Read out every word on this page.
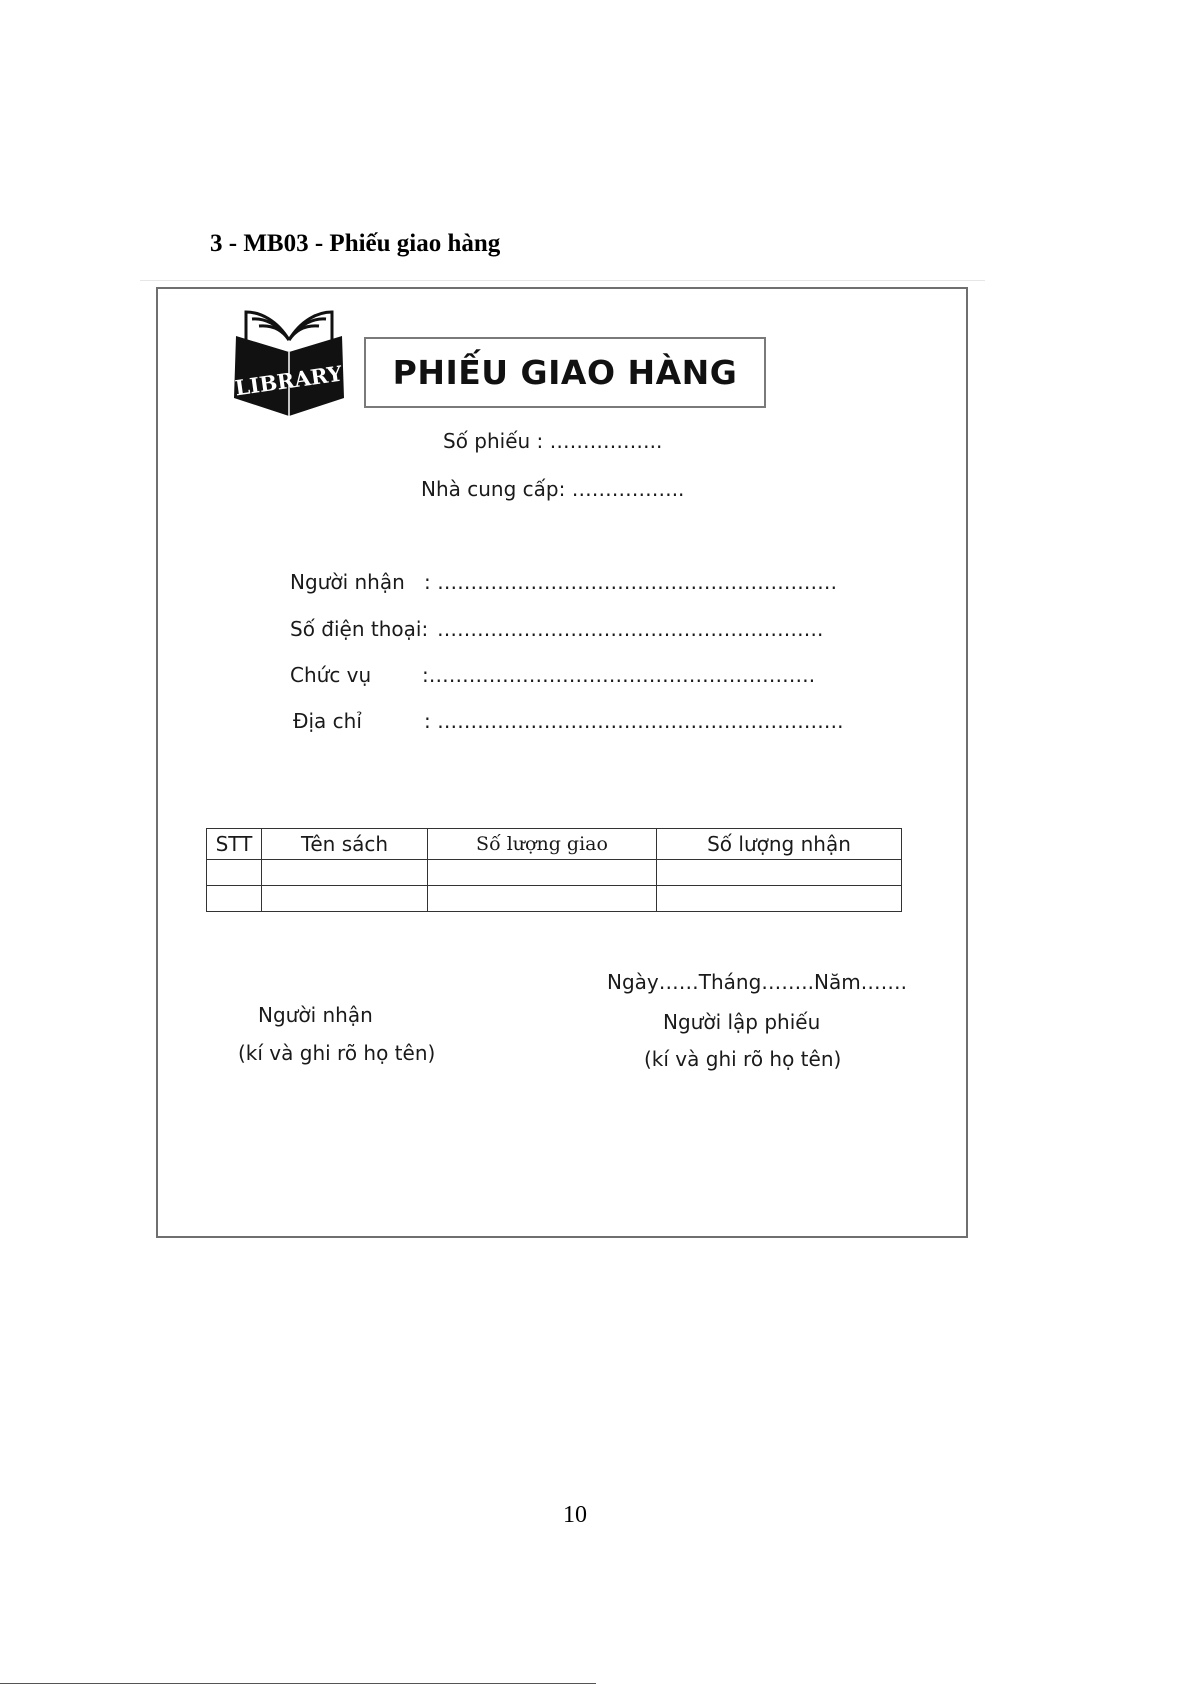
3 - MB03 - Phiếu giao hàng
LIBRARY	PHIẾU GIAO HÀNG
Số phiếu : ……………..
Nhà cung cấp: ……………..
Người nhận : ……………………………………………………
Số điện thoại: ………………………………………………….
Chức vụ	:………………………………………………….
Địa chỉ	: …………………………………………………….
STT	Tên sách	Số lượng giao	Số lượng nhận

Ngày……Tháng……..Năm…….
Người nhận
(kí và ghi rõ họ tên)
Người lập phiếu
(kí và ghi rõ họ tên)
10
